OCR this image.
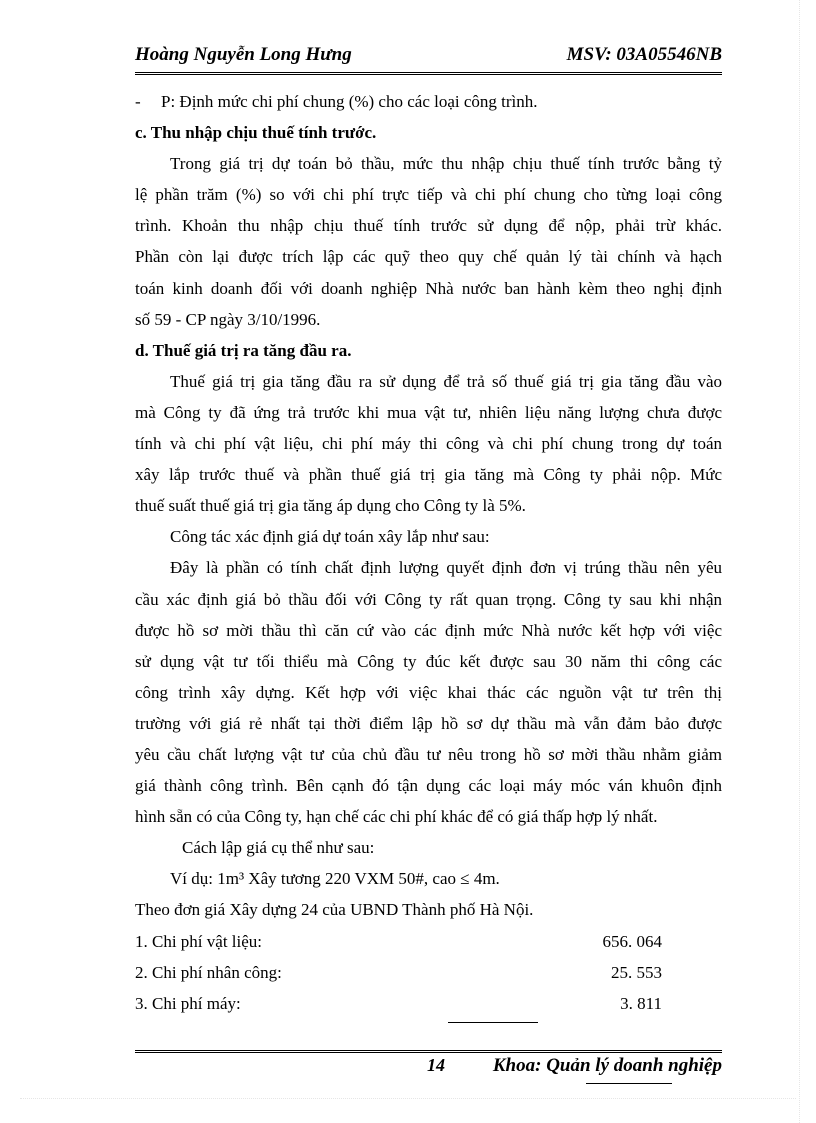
Hoàng Nguyễn Long Hưng	MSV: 03A05546NB
- P: Định mức chi phí chung (%) cho các loại công trình.
c. Thu nhập chịu thuế tính trước.
Trong giá trị dự toán bỏ thầu, mức thu nhập chịu thuế tính trước bằng tỷ
lệ phần trăm (%) so với chi phí trực tiếp và chi phí chung cho từng loại công
trình. Khoản thu nhập chịu thuế tính trước sử dụng để nộp, phải trừ khác.
Phần còn lại được trích lập các quỹ theo quy chế quản lý tài chính và hạch
toán kinh doanh đối với doanh nghiệp Nhà nước ban hành kèm theo nghị định
số 59 - CP ngày 3/10/1996.
d. Thuế giá trị ra tăng đầu ra.
Thuế giá trị gia tăng đầu ra sử dụng để trả số thuế giá trị gia tăng đầu vào
mà Công ty đã ứng trả trước khi mua vật tư, nhiên liệu năng lượng chưa được
tính và chi phí vật liệu, chi phí máy thi công và chi phí chung trong dự toán
xây lắp trước thuế và phần thuế giá trị gia tăng mà Công ty phải nộp. Mức
thuế suất thuế giá trị gia tăng áp dụng cho Công ty là 5%.
Công tác xác định giá dự toán xây lắp như sau:
Đây là phần có tính chất định lượng quyết định đơn vị trúng thầu nên yêu
cầu xác định giá bỏ thầu đối với Công ty rất quan trọng. Công ty sau khi nhận
được hồ sơ mời thầu thì căn cứ vào các định mức Nhà nước kết hợp với việc
sử dụng vật tư tối thiểu mà Công ty đúc kết được sau 30 năm thi công các
công trình xây dựng. Kết hợp với việc khai thác các nguồn vật tư trên thị
trường với giá rẻ nhất tại thời điểm lập hồ sơ dự thầu mà vẫn đảm bảo được
yêu cầu chất lượng vật tư của chủ đầu tư nêu trong hồ sơ mời thầu nhằm giảm
giá thành công trình. Bên cạnh đó tận dụng các loại máy móc ván khuôn định
hình sẵn có của Công ty, hạn chế các chi phí khác để có giá thấp hợp lý nhất.
Cách lập giá cụ thể như sau:
Ví dụ: 1m³ Xây tương 220 VXM 50#, cao ≤ 4m.
Theo đơn giá Xây dựng 24 của UBND Thành phố Hà Nội.
1. Chi phí vật liệu:	656. 064
2. Chi phí nhân công:	25. 553
3. Chi phí máy:	3. 811
14	Khoa: Quản lý doanh nghiệp
